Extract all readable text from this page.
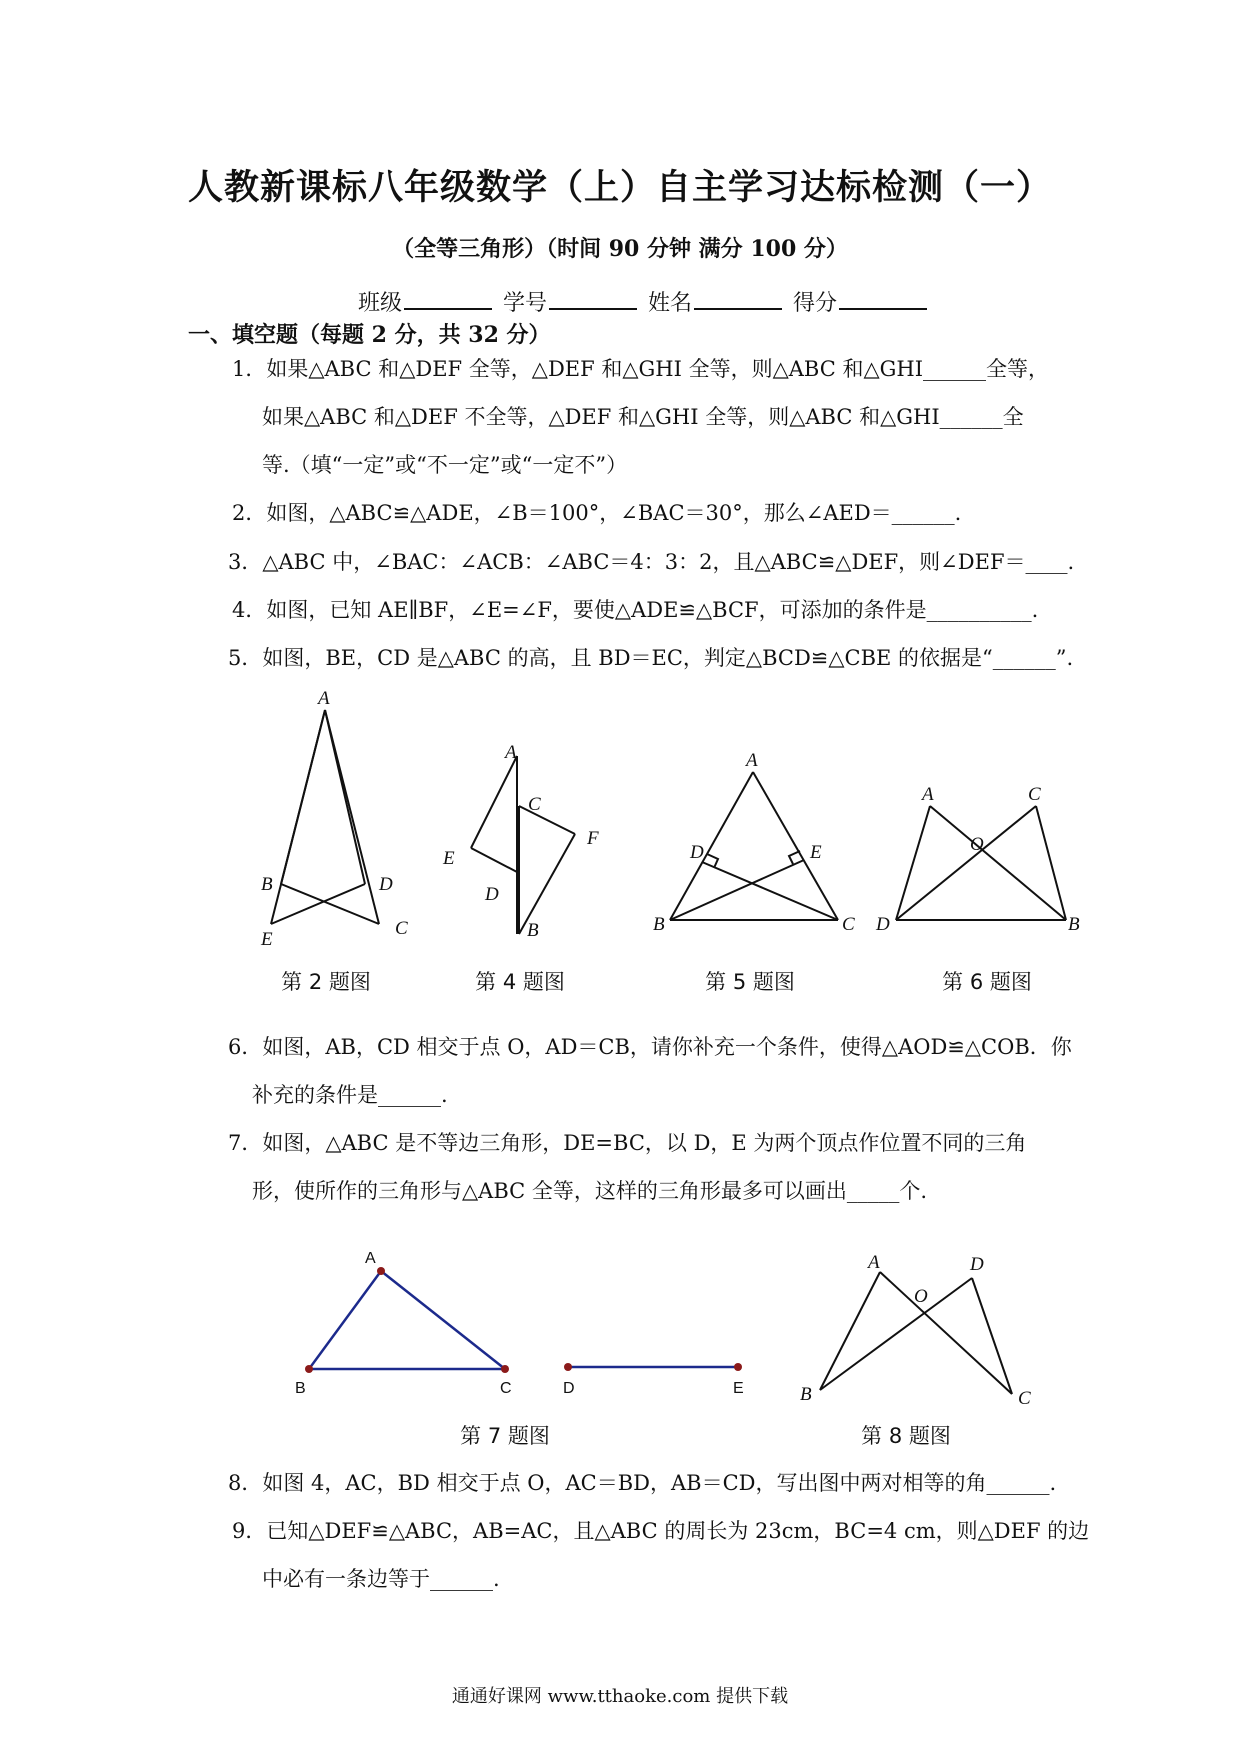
人教新课标八年级数学（上）自主学习达标检测（一）
（全等三角形）（时间 90 分钟 满分 100 分）
班级	学号	姓名	得分
一、填空题（每题 2 分，共 32 分）
1．如果△ABC 和△DEF 全等，△DEF 和△GHI 全等，则△ABC 和△GHI______全等，
如果△ABC 和△DEF 不全等，△DEF 和△GHI 全等，则△ABC 和△GHI______全
等.（填“一定”或“不一定”或“一定不”）
2．如图，△ABC≌△ADE，∠B＝100°，∠BAC＝30°，那么∠AED＝______.
3．△ABC 中，∠BAC：∠ACB：∠ABC＝4：3：2，且△ABC≌△DEF，则∠DEF＝____.
4．如图，已知 AE∥BF，∠E=∠F，要使△ADE≌△BCF，可添加的条件是__________.
5．如图，BE，CD 是△ABC 的高，且 BD＝EC，判定△BCD≌△CBE 的依据是“______”.
A
B	D
E
C
第 2 题图
A
C
F
E
D
B
第 4 题图
A
D	E
B	C
第 5 题图
A	C
O
D	B
第 6 题图
6．如图，AB，CD 相交于点 O，AD＝CB，请你补充一个条件，使得△AOD≌△COB．你
补充的条件是______.
7．如图，△ABC 是不等边三角形，DE=BC，以 D，E 为两个顶点作位置不同的三角
形，使所作的三角形与△ABC 全等，这样的三角形最多可以画出_____个.
A
B	C	D	E
第 7 题图
A	D
O
B	C
第 8 题图
8．如图 4，AC，BD 相交于点 O，AC＝BD，AB＝CD，写出图中两对相等的角______.
9．已知△DEF≌△ABC，AB=AC，且△ABC 的周长为 23cm，BC=4 cm，则△DEF 的边
中必有一条边等于______.
通通好课网 www.tthaoke.com 提供下载
